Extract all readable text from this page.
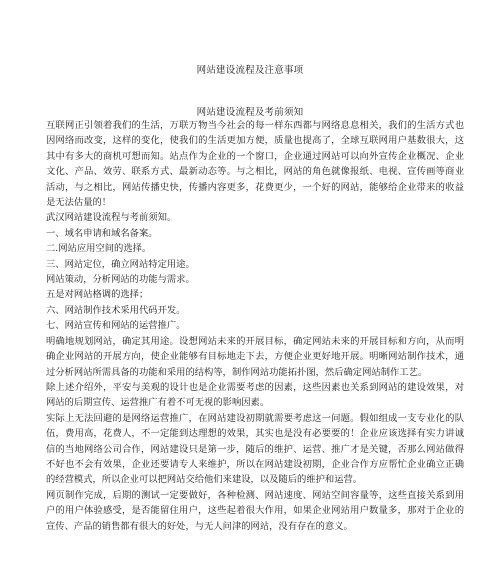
网站建设流程及注意事项
网站建设流程及考前须知

互联网正引领着我们的生活，万联万物当今社会的每一样东西都与网络息息相关，我们的生活方式也因网络而改变，这样的变化，使我们的生活更加方便，质量也提高了，全球互联网用户基数很大，这其中有多大的商机可想而知。站点作为企业的一个窗口，企业通过网站可以向外宣传企业概况、企业文化、产品、效劳、联系方式、最新动态等。与之相比，网站的角色就像报纸、电视、宣传画等商业活动，与之相比，网站传播史快，传播内容更多，花费更少，一个好的网站，能够给企业带来的收益是无法估量的！

武汉网站建设流程与考前须知。

一、域名申请和域名备案。

二.网站应用空间的选择。

三、网站定位，确立网站特定用途。

网站策动，分析网站的功能与需求。

五是对网站格调的选择；

六、网站制作技术采用代码开发。

七、网站宣传和网站的运营推广。

明确地规划网站，确定其用途。设想网站未来的开展目标，确定网站未来的开展目标和方向，从而明确企业网站的开展方向，使企业能够有目标地走下去，方便企业更好地开展。明晰网站制作技术，通过分析网站所需具备的功能和采用的结构等，制作网站功能拓扑图，然后确定网站制作工艺。

除上述介绍外，平安与美观的设计也是企业需要考虑的因素，这些因素也关系到网站的建设效果，对网站的后期宣传、运营推广有着不可无视的影响因素。

实际上无法回避的是网络运营推广，在网站建设初期就需要考虑这一问题。假如组成一支专业化的队伍，费用高，花费人，不一定能到达理想的效果，其实也是没有必要要的！企业应该选择有实力讲诚信的当地网络公司合作，网站建设只是第一步，随后的维护、运营、推广才是关键，否那么网站做得不好也不会有效果，企业还要请专人来维护，所以在网站建设初期，企业合作方应帮忙企业确立正确的经营模式，所以企业可以把网站交给他们来建设，以及随后的维护和运营。

网页制作完成，后期的测试一定要做好，各种检测、网站速度、网站空间容量等，这些直接关系到用户的用户体验感受，是否能留住用户，这些起着很大作用，如果企业网站用户数量多，那对于企业的宣传、产品的销售都有很大的好处，与无人问津的网站，没有存在的意义。
